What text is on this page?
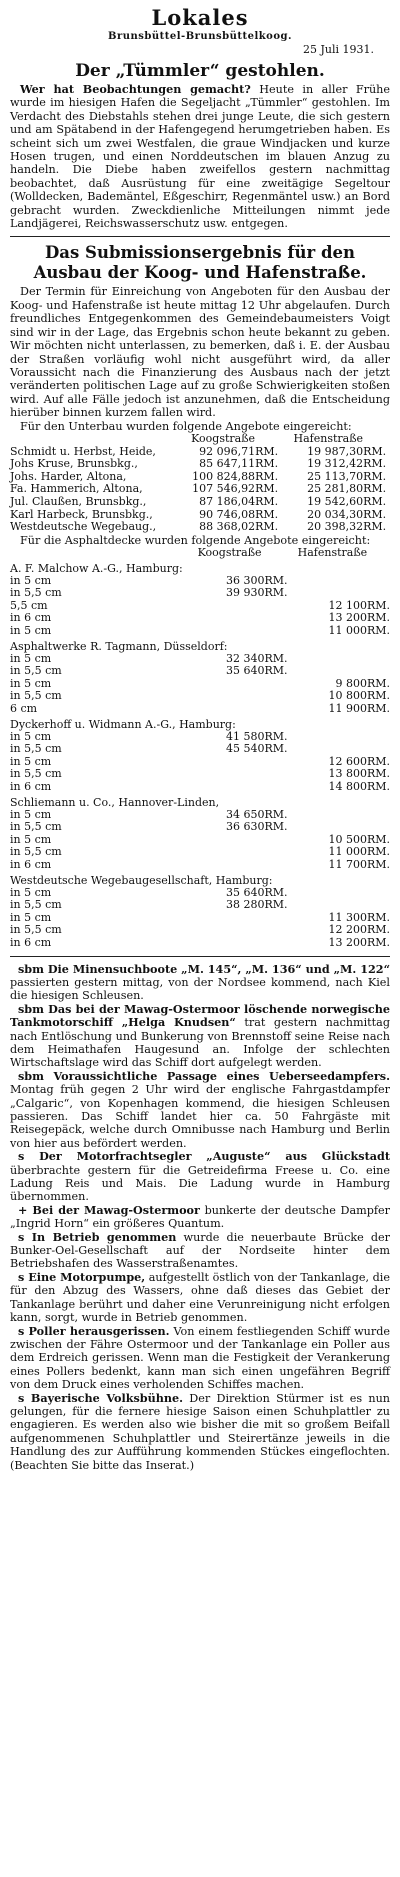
Lokales
Brunsbüttel-Brunsbüttelkoog.
25 Juli 1931.
Der „Tümmler“ gestohlen.

Wer hat Beobachtungen gemacht? Heute in aller Frühe wurde im hiesigen Hafen die Segeljacht „Tümmler“ gestohlen. Im Verdacht des Diebstahls stehen drei junge Leute, die sich gestern und am Spätabend in der Hafengegend herumgetrieben haben. Es scheint sich um zwei Westfalen, die graue Windjacken und kurze Hosen trugen, und einen Norddeutschen im blauen Anzug zu handeln. Die Diebe haben zweifellos gestern nachmittag beobachtet, daß Ausrüstung für eine zweitägige Segeltour (Wolldecken, Bademäntel, Eßgeschirr, Regenmäntel usw.) an Bord gebracht wurden. Zweckdienliche Mitteilungen nimmt jede Landjägerei, Reichswasserschutz usw. entgegen.

Das Submissionsergebnis für den Ausbau der Koog- und Hafenstraße.

Der Termin für Einreichung von Angeboten für den Ausbau der Koog- und Hafenstraße ist heute mittag 12 Uhr abgelaufen. Durch freundliches Entgegenkommen des Gemeindebaumeisters Voigt sind wir in der Lage, das Ergebnis schon heute bekannt zu geben. Wir möchten nicht unterlassen, zu bemerken, daß i. E. der Ausbau der Straßen vorläufig wohl nicht ausgeführt wird, da aller Voraussicht nach die Finanzierung des Ausbaus nach der jetzt veränderten politischen Lage auf zu große Schwierigkeiten stoßen wird. Auf alle Fälle jedoch ist anzunehmen, daß die Entscheidung hierüber binnen kurzem fallen wird.

Für den Unterbau wurden folgende Angebote eingereicht:

	Koogstraße		Hafenstraße	
Schmidt u. Herbst, Heide,	92 096,71	RM.	19 987,30	RM.
Johs Kruse, Brunsbkg.,	85 647,11	RM.	19 312,42	RM.
Johs. Harder, Altona,	100 824,88	RM.	25 113,70	RM.
Fa. Hammerich, Altona,	107 546,92	RM.	25 281,80	RM.
Jul. Claußen, Brunsbkg.,	87 186,04	RM.	19 542,60	RM.
Karl Harbeck, Brunsbkg.,	90 746,08	RM.	20 034,30	RM.
Westdeutsche Wegebaug.,	88 368,02	RM.	20 398,32	RM.

Für die Asphaltdecke wurden folgende Angebote eingereicht:

	Koogstraße		Hafenstraße	
A. F. Malchow A.-G., Hamburg:
in 5 cm	36 300	RM.		
in 5,5 cm	39 930	RM.		
5,5 cm			12 100	RM.
in 6 cm			13 200	RM.
in 5 cm			11 000	RM.
Asphaltwerke R. Tagmann, Düsseldorf:
in 5 cm	32 340	RM.		
in 5,5 cm	35 640	RM.		
in 5 cm			9 800	RM.
in 5,5 cm			10 800	RM.
6 cm			11 900	RM.
Dyckerhoff u. Widmann A.-G., Hamburg:
in 5 cm	41 580	RM.		
in 5,5 cm	45 540	RM.		
in 5 cm			12 600	RM.
in 5,5 cm			13 800	RM.
in 6 cm			14 800	RM.
Schliemann u. Co., Hannover-Linden,
in 5 cm	34 650	RM.		
in 5,5 cm	36 630	RM.		
in 5 cm			10 500	RM.
in 5,5 cm			11 000	RM.
in 6 cm			11 700	RM.
Westdeutsche Wegebaugesellschaft, Hamburg:
in 5 cm	35 640	RM.		
in 5,5 cm	38 280	RM.		
in 5 cm			11 300	RM.
in 5,5 cm			12 200	RM.
in 6 cm			13 200	RM.

sbm Die Minensuchboote „M. 145“, „M. 136“ und „M. 122“ passierten gestern mittag, von der Nordsee kommend, nach Kiel die hiesigen Schleusen.

sbm Das bei der Mawag-Ostermoor löschende norwegische Tankmotorschiff „Helga Knudsen“ trat gestern nachmittag nach Entlöschung und Bunkerung von Brennstoff seine Reise nach dem Heimathafen Haugesund an. Infolge der schlechten Wirtschaftslage wird das Schiff dort aufgelegt werden.

sbm Voraussichtliche Passage eines Ueberseedampfers. Montag früh gegen 2 Uhr wird der englische Fahrgastdampfer „Calgaric“, von Kopenhagen kommend, die hiesigen Schleusen passieren. Das Schiff landet hier ca. 50 Fahrgäste mit Reisegepäck, welche durch Omnibusse nach Hamburg und Berlin von hier aus befördert werden.

s Der Motorfrachtsegler „Auguste“ aus Glückstadt überbrachte gestern für die Getreidefirma Freese u. Co. eine Ladung Reis und Mais. Die Ladung wurde in Hamburg übernommen.

+ Bei der Mawag-Ostermoor bunkerte der deutsche Dampfer „Ingrid Horn“ ein größeres Quantum.

s In Betrieb genommen wurde die neuerbaute Brücke der Bunker-Oel-Gesellschaft auf der Nordseite hinter dem Betriebshafen des Wasserstraßenamtes.

s Eine Motorpumpe, aufgestellt östlich von der Tankanlage, die für den Abzug des Wassers, ohne daß dieses das Gebiet der Tankanlage berührt und daher eine Verunreinigung nicht erfolgen kann, sorgt, wurde in Betrieb genommen.

s Poller herausgerissen. Von einem festliegenden Schiff wurde zwischen der Fähre Ostermoor und der Tankanlage ein Poller aus dem Erdreich gerissen. Wenn man die Festigkeit der Verankerung eines Pollers bedenkt, kann man sich einen ungefähren Begriff von dem Druck eines verholenden Schiffes machen.

s Bayerische Volksbühne. Der Direktion Stürmer ist es nun gelungen, für die fernere hiesige Saison einen Schuhplattler zu engagieren. Es werden also wie bisher die mit so großem Beifall aufgenommenen Schuhplattler und Steirertänze jeweils in die Handlung des zur Aufführung kommenden Stückes eingeflochten. (Beachten Sie bitte das Inserat.)
